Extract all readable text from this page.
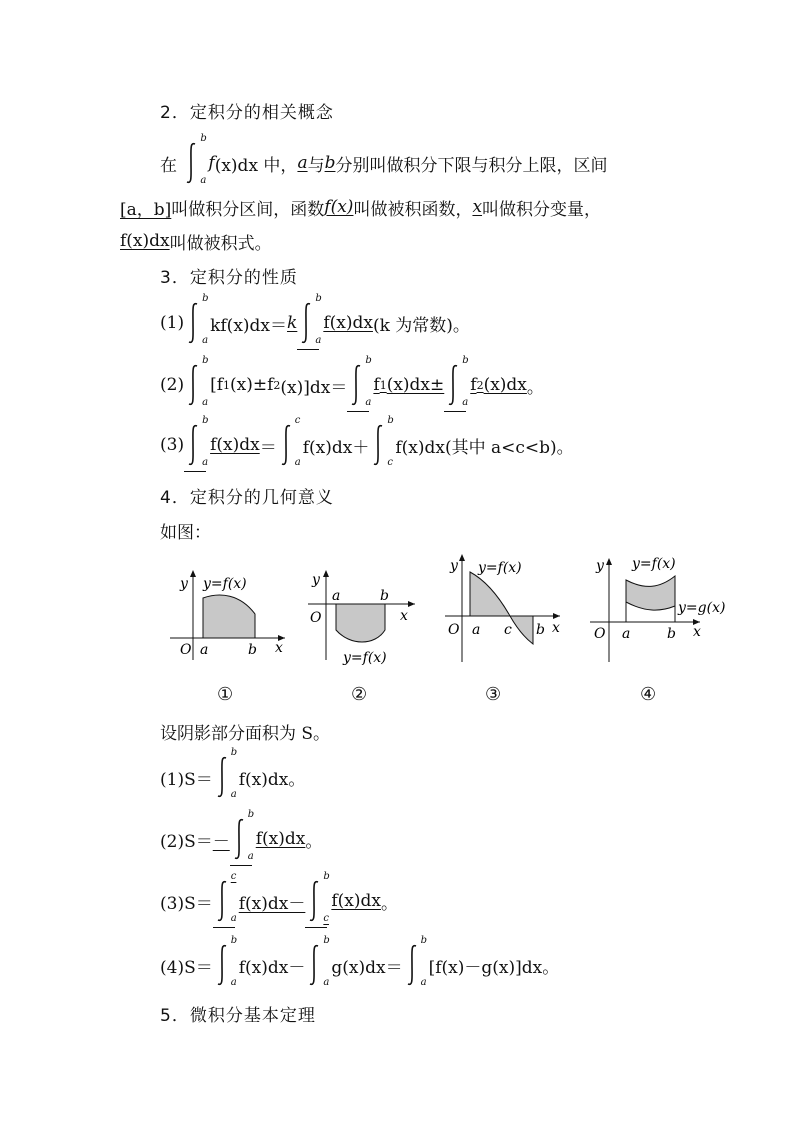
2．定积分的相关概念
在

b
a
f (x)dx 中， a 与 b 分别叫做积分下限与积分上限，区间
[a，b] 叫做积分区间，函数 f(x) 叫做被积函数， x 叫做积分变量，
f(x)dx 叫做被积式。
3．定积分的性质
(1)
b
a
kf(x)dx＝ k
b
a
f(x)dx (k 为常数)。
(2)
b
a
[f 1 (x)±f 2 (x)]dx＝
b
a
f 1 (x)dx±
b
a
f 2 (x)dx 。
(3)
b
a
f(x)dx ＝
c
a
f(x)dx＋
b
c
f(x)dx(其中 a<c<b)。
4．定积分的几何意义
如图：
y y=f(x)
O a	b x
y
O
a	b
x
y=f(x)
y y=f(x)
O a c b x
y y=f(x)
y=g(x)
O a	b x
①	②	③	④
设阴影部分面积为 S。
(1)S＝
b
a
f(x)dx。
(2)S＝ －
b
a
f(x)dx 。
(3)S＝
c
a
f(x)dx－
b
c
f(x)dx 。
(4)S＝
b
a
f(x)dx－
b
a
g(x)dx＝
b
a
[f(x)－g(x)]dx。
5．微积分基本定理
